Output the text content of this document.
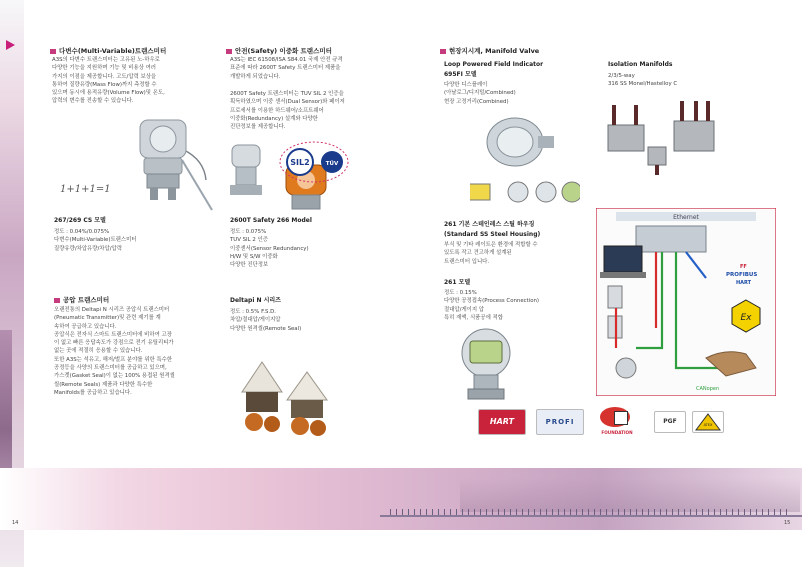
다변수(Multi-Variable)트랜스미터
A3S의 다변수 트랜스미터는 고유된 노-하우로
다양한 기능을 지원하며 기능 및 비용상 여러
가지의 이점을 제공합니다. 고도/압력 보상을
통하여 질량유량(Mass Flow)까지 측정할 수
있으며 동시에 용적유량(Volume Flow)및 온도,
압력의 변수를 전송할 수 있습니다.
1+1+1=1
267/269 CS 모델
정도 : 0.04%/0.075%
다변수(Multi-Variable)트랜스미터
질량유량/차압유량/차압/압력
공압 트랜스미터
오랜전통의 Deltapi N 시리즈 공압식 트랜스미터
(Pneumatic Transmitter)및 관련 제기를 계
속하여 공급하고 있습니다.
공압식은 전자식 스마트 트랜스미터에 비하여 고장
이 없고 빠른 응답속도가 강점으로 전기 유틸리티가
없는 곳에 적절히 응용할 수 있습니다.
또한 A3S는 석유고, 해저/벌프 분야를 위한 특수한
공정등을 사양의 트랜스미터를 공급하고 있으며,
가스켓(Gasket Seal)이 없는 100% 용접된 원격씰
씰(Remote Seals) 제품과 다양한 특수한
Manifolds를 공급하고 있습니다.
안전(Safety) 이중화 트랜스미터
A3S는 IEC 61508/ISA S84.01 국제 안전 규격
표준에 따라 2600T Safety 트랜스미터 제품을
개발하게 되었습니다.
2600T Safety 트랜스미터는 TUV SIL 2 인증을
획득하였으며 이중 센서(Dual Sensor)와 페이저
프로세서를 이용한 하드웨어/소프트웨어
이중화(Redundancy) 설계와 다양한
진단정보를 제공합니다.
SIL2	TÜV
2600T Safety 266 Model
정도 : 0.075%
TUV SIL 2 인증
이중센서(Sensor Redundancy)
H/W 및 S/W 이중화
다양한 진단정보
Deltapi N 시리즈
정도 : 0.5% F.S.D.
차압/절대압/게이지압
다양한 원격씰(Remote Seal)
현장지시계, Manifold Valve
Loop Powered Field Indicator
695FI 모델
다양한 디스플레이
(아날로그/디지털/Combined)
현장 고정거리(Combined)
Isolation Manifolds
2/3/5-way
316 SS Monel/Hastelloy C
261 기본 스테인레스 스틸 하우징
(Standard SS Steel Housing)
부식 및 기타 레이트은 환경에 적합할 수
있도록 작고 견고하게 설계된
트랜스미터 입니다.
261 모델
정도 : 0.15%
다양한 공정접속(Process Connection)
절대압/게이지 압
특히 재액, 식품공에 적합
Ethernet
FF
PROFIBUS
HART
Ex
CANopen
HART	PROFI
FOUNDATION
PGF	ATEX
14	15
